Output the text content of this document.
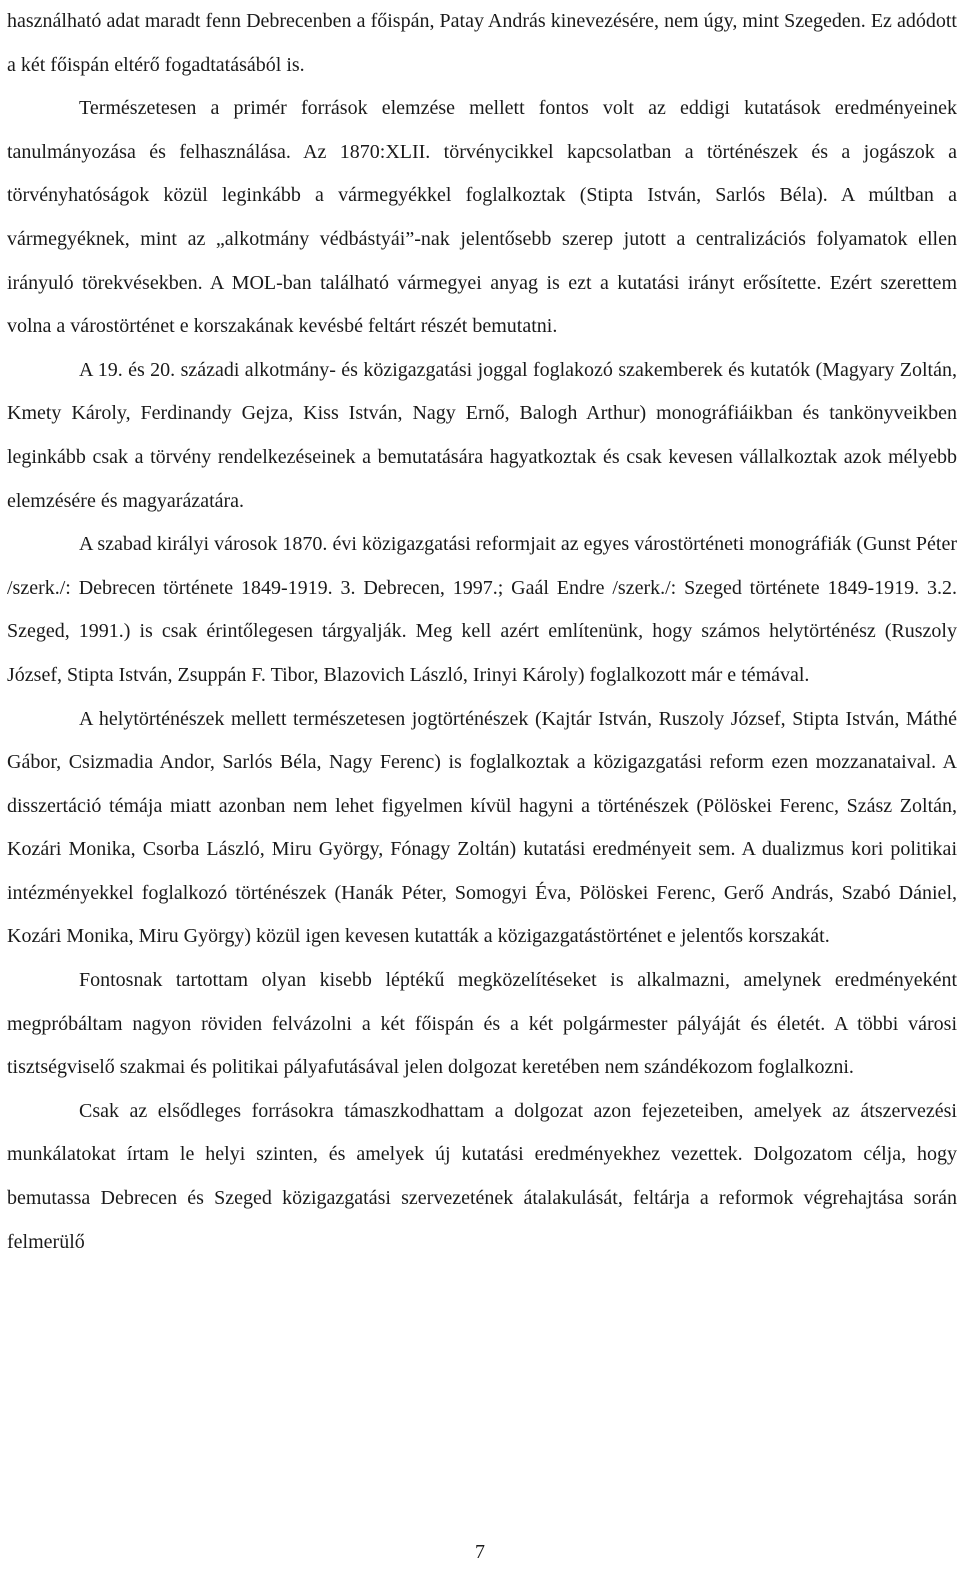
használható adat maradt fenn Debrecenben a főispán, Patay András kinevezésére, nem úgy, mint Szegeden. Ez adódott a két főispán eltérő fogadtatásából is.

Természetesen a primér források elemzése mellett fontos volt az eddigi kutatások eredményeinek tanulmányozása és felhasználása. Az 1870:XLII. törvénycikkel kapcsolatban a történészek és a jogászok a törvényhatóságok közül leginkább a vármegyékkel foglalkoztak (Stipta István, Sarlós Béla). A múltban a vármegyéknek, mint az „alkotmány védbástyái”-nak jelentősebb szerep jutott a centralizációs folyamatok ellen irányuló törekvésekben. A MOL-ban található vármegyei anyag is ezt a kutatási irányt erősítette. Ezért szerettem volna a várostörténet e korszakának kevésbé feltárt részét bemutatni.

A 19. és 20. századi alkotmány- és közigazgatási joggal foglakozó szakemberek és kutatók (Magyary Zoltán, Kmety Károly, Ferdinandy Gejza, Kiss István, Nagy Ernő, Balogh Arthur) monográfiáikban és tankönyveikben leginkább csak a törvény rendelkezéseinek a bemutatására hagyatkoztak és csak kevesen vállalkoztak azok mélyebb elemzésére és magyarázatára.

A szabad királyi városok 1870. évi közigazgatási reformjait az egyes várostörténeti monográfiák (Gunst Péter /szerk./: Debrecen története 1849-1919. 3. Debrecen, 1997.; Gaál Endre /szerk./: Szeged története 1849-1919. 3.2. Szeged, 1991.) is csak érintőlegesen tárgyalják. Meg kell azért említenünk, hogy számos helytörténész (Ruszoly József, Stipta István, Zsuppán F. Tibor, Blazovich László, Irinyi Károly) foglalkozott már e témával.

A helytörténészek mellett természetesen jogtörténészek (Kajtár István, Ruszoly József, Stipta István, Máthé Gábor, Csizmadia Andor, Sarlós Béla, Nagy Ferenc) is foglalkoztak a közigazgatási reform ezen mozzanataival. A disszertáció témája miatt azonban nem lehet figyelmen kívül hagyni a történészek (Pölöskei Ferenc, Szász Zoltán, Kozári Monika, Csorba László, Miru György, Fónagy Zoltán) kutatási eredményeit sem. A dualizmus kori politikai intézményekkel foglalkozó történészek (Hanák Péter, Somogyi Éva, Pölöskei Ferenc, Gerő András, Szabó Dániel, Kozári Monika, Miru György) közül igen kevesen kutatták a közigazgatástörténet e jelentős korszakát.

Fontosnak tartottam olyan kisebb léptékű megközelítéseket is alkalmazni, amelynek eredményeként megpróbáltam nagyon röviden felvázolni a két főispán és a két polgármester pályáját és életét. A többi városi tisztségviselő szakmai és politikai pályafutásával jelen dolgozat keretében nem szándékozom foglalkozni.

Csak az elsődleges forrásokra támaszkodhattam a dolgozat azon fejezeteiben, amelyek az átszervezési munkálatokat írtam le helyi szinten, és amelyek új kutatási eredményekhez vezettek. Dolgozatom célja, hogy bemutassa Debrecen és Szeged közigazgatási szervezetének átalakulását, feltárja a reformok végrehajtása során felmerülő

7
